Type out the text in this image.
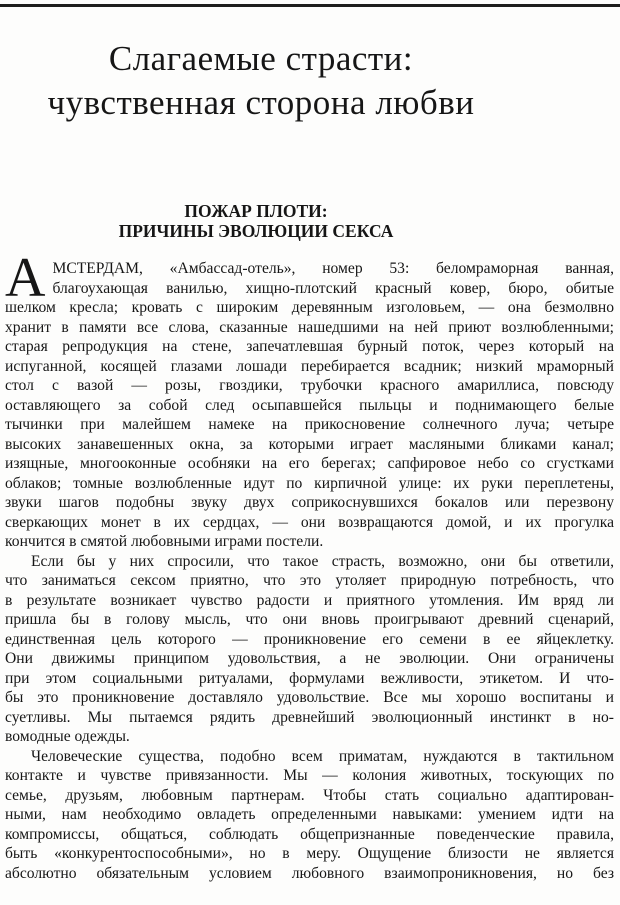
Слагаемые страсти:
чувственная сторона любви
ПОЖАР ПЛОТИ:
ПРИЧИНЫ ЭВОЛЮЦИИ СЕКСА
А МСТЕРДАМ, «Амбассад-отель», номер 53: беломраморная ванная,
благоухающая ванилью, хищно-плотский красный ковер, бюро, обитые
шелком кресла; кровать с широким деревянным изголовьем, — она безмолвно
хранит в памяти все слова, сказанные нашедшими на ней приют возлюбленными;
старая репродукция на стене, запечатлевшая бурный поток, через который на
испуганной, косящей глазами лошади перебирается всадник; низкий мраморный
стол с вазой — розы, гвоздики, трубочки красного амариллиса, повсюду
оставляющего за собой след осыпавшейся пыльцы и поднимающего белые
тычинки при малейшем намеке на прикосновение солнечного луча; четыре
высоких занавешенных окна, за которыми играет масляными бликами канал;
изящные, многооконные особняки на его берегах; сапфировое небо со сгустками
облаков; томные возлюбленные идут по кирпичной улице: их руки переплетены,
звуки шагов подобны звуку двух соприкоснувшихся бокалов или перезвону
сверкающих монет в их сердцах, — они возвращаются домой, и их прогулка
кончится в смятой любовными играми постели.
Если бы у них спросили, что такое страсть, возможно, они бы ответили,
что заниматься сексом приятно, что это утоляет природную потребность, что
в результате возникает чувство радости и приятного утомления. Им вряд ли
пришла бы в голову мысль, что они вновь проигрывают древний сценарий,
единственная цель которого — проникновение его семени в ее яйцеклетку.
Они движимы принципом удовольствия, а не эволюции. Они ограничены
при этом социальными ритуалами, формулами вежливости, этикетом. И что-
бы это проникновение доставляло удовольствие. Все мы хорошо воспитаны и
суетливы. Мы пытаемся рядить древнейший эволюционный инстинкт в но-
вомодные одежды.
Человеческие существа, подобно всем приматам, нуждаются в тактильном
контакте и чувстве привязанности. Мы — колония животных, тоскующих по
семье, друзьям, любовным партнерам. Чтобы стать социально адаптирован-
ными, нам необходимо овладеть определенными навыками: умением идти на
компромиссы, общаться, соблюдать общепризнанные поведенческие правила,
быть «конкурентоспособными», но в меру. Ощущение близости не является
абсолютно обязательным условием любовного взаимопроникновения, но без
